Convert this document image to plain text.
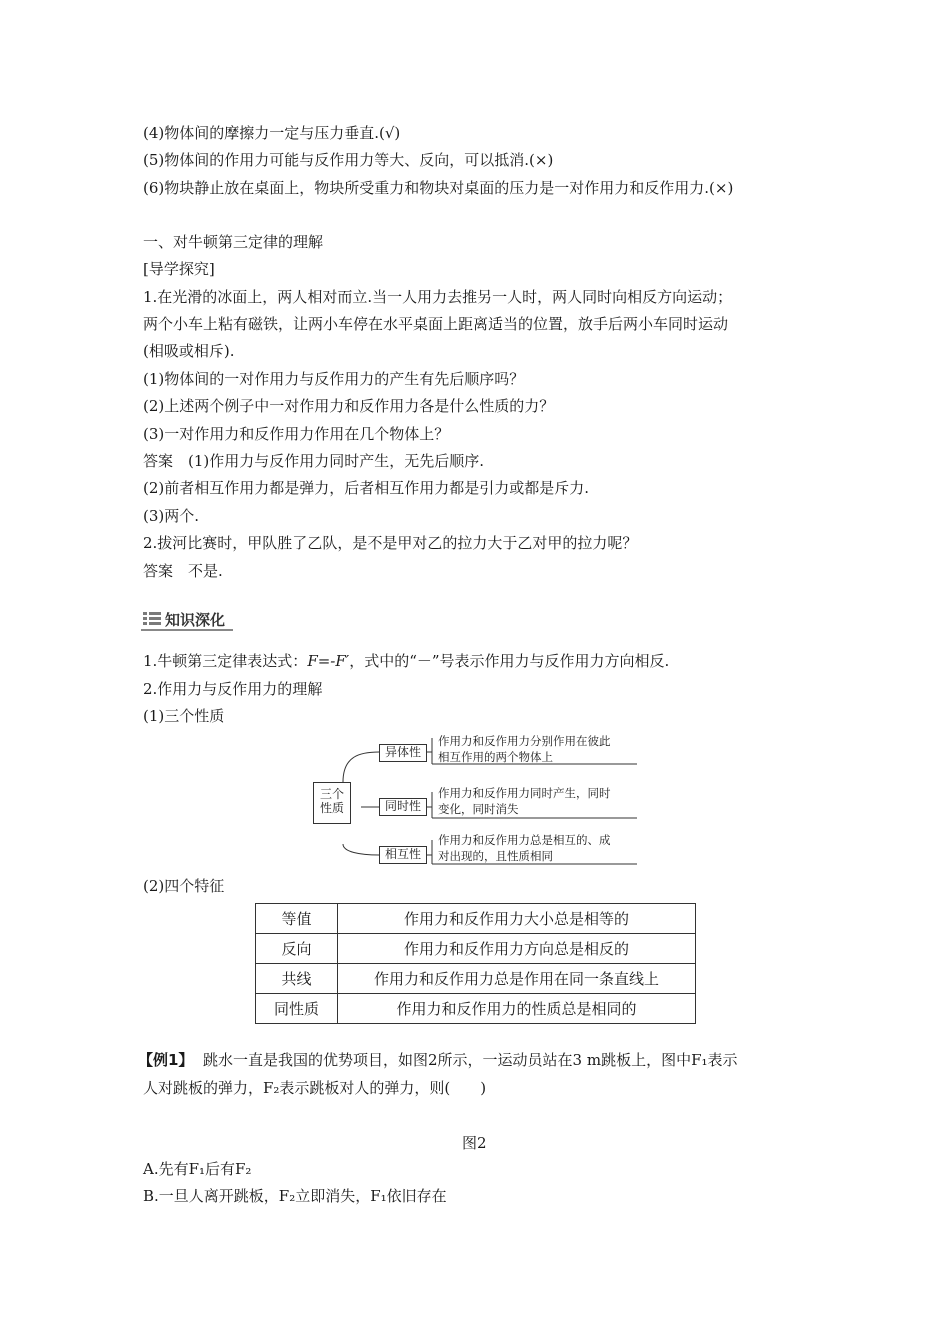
(4)物体间的摩擦力一定与压力垂直.(√)
(5)物体间的作用力可能与反作用力等大、反向，可以抵消.(×)
(6)物块静止放在桌面上，物块所受重力和物块对桌面的压力是一对作用力和反作用力.(×)
一、对牛顿第三定律的理解
[导学探究]
1.在光滑的冰面上，两人相对而立.当一人用力去推另一人时，两人同时向相反方向运动；
两个小车上粘有磁铁，让两小车停在水平桌面上距离适当的位置，放手后两小车同时运动
(相吸或相斥).
(1)物体间的一对作用力与反作用力的产生有先后顺序吗？
(2)上述两个例子中一对作用力和反作用力各是什么性质的力？
(3)一对作用力和反作用力作用在几个物体上？
答案　(1)作用力与反作用力同时产生，无先后顺序.
(2)前者相互作用力都是弹力，后者相互作用力都是引力或都是斥力.
(3)两个.
2.拔河比赛时，甲队胜了乙队，是不是甲对乙的拉力大于乙对甲的拉力呢？
答案　不是.
知识深化
1.牛顿第三定律表达式：F=-F′，式中的“－”号表示作用力与反作用力方向相反.
2.作用力与反作用力的理解
(1)三个性质
三个
性质
异体性
同时性
相互性
作用力和反作用力分别作用在彼此
相互作用的两个物体上
作用力和反作用力同时产生，同时
变化，同时消失
作用力和反作用力总是相互的、成
对出现的，且性质相同
(2)四个特征
等值	作用力和反作用力大小总是相等的
反向	作用力和反作用力方向总是相反的
共线	作用力和反作用力总是作用在同一条直线上
同性质	作用力和反作用力的性质总是相同的
【例1】 跳水一直是我国的优势项目，如图2所示，一运动员站在3 m跳板上，图中F₁表示
人对跳板的弹力，F₂表示跳板对人的弹力，则(　　)
图2
A.先有F₁后有F₂
B.一旦人离开跳板，F₂立即消失，F₁依旧存在
